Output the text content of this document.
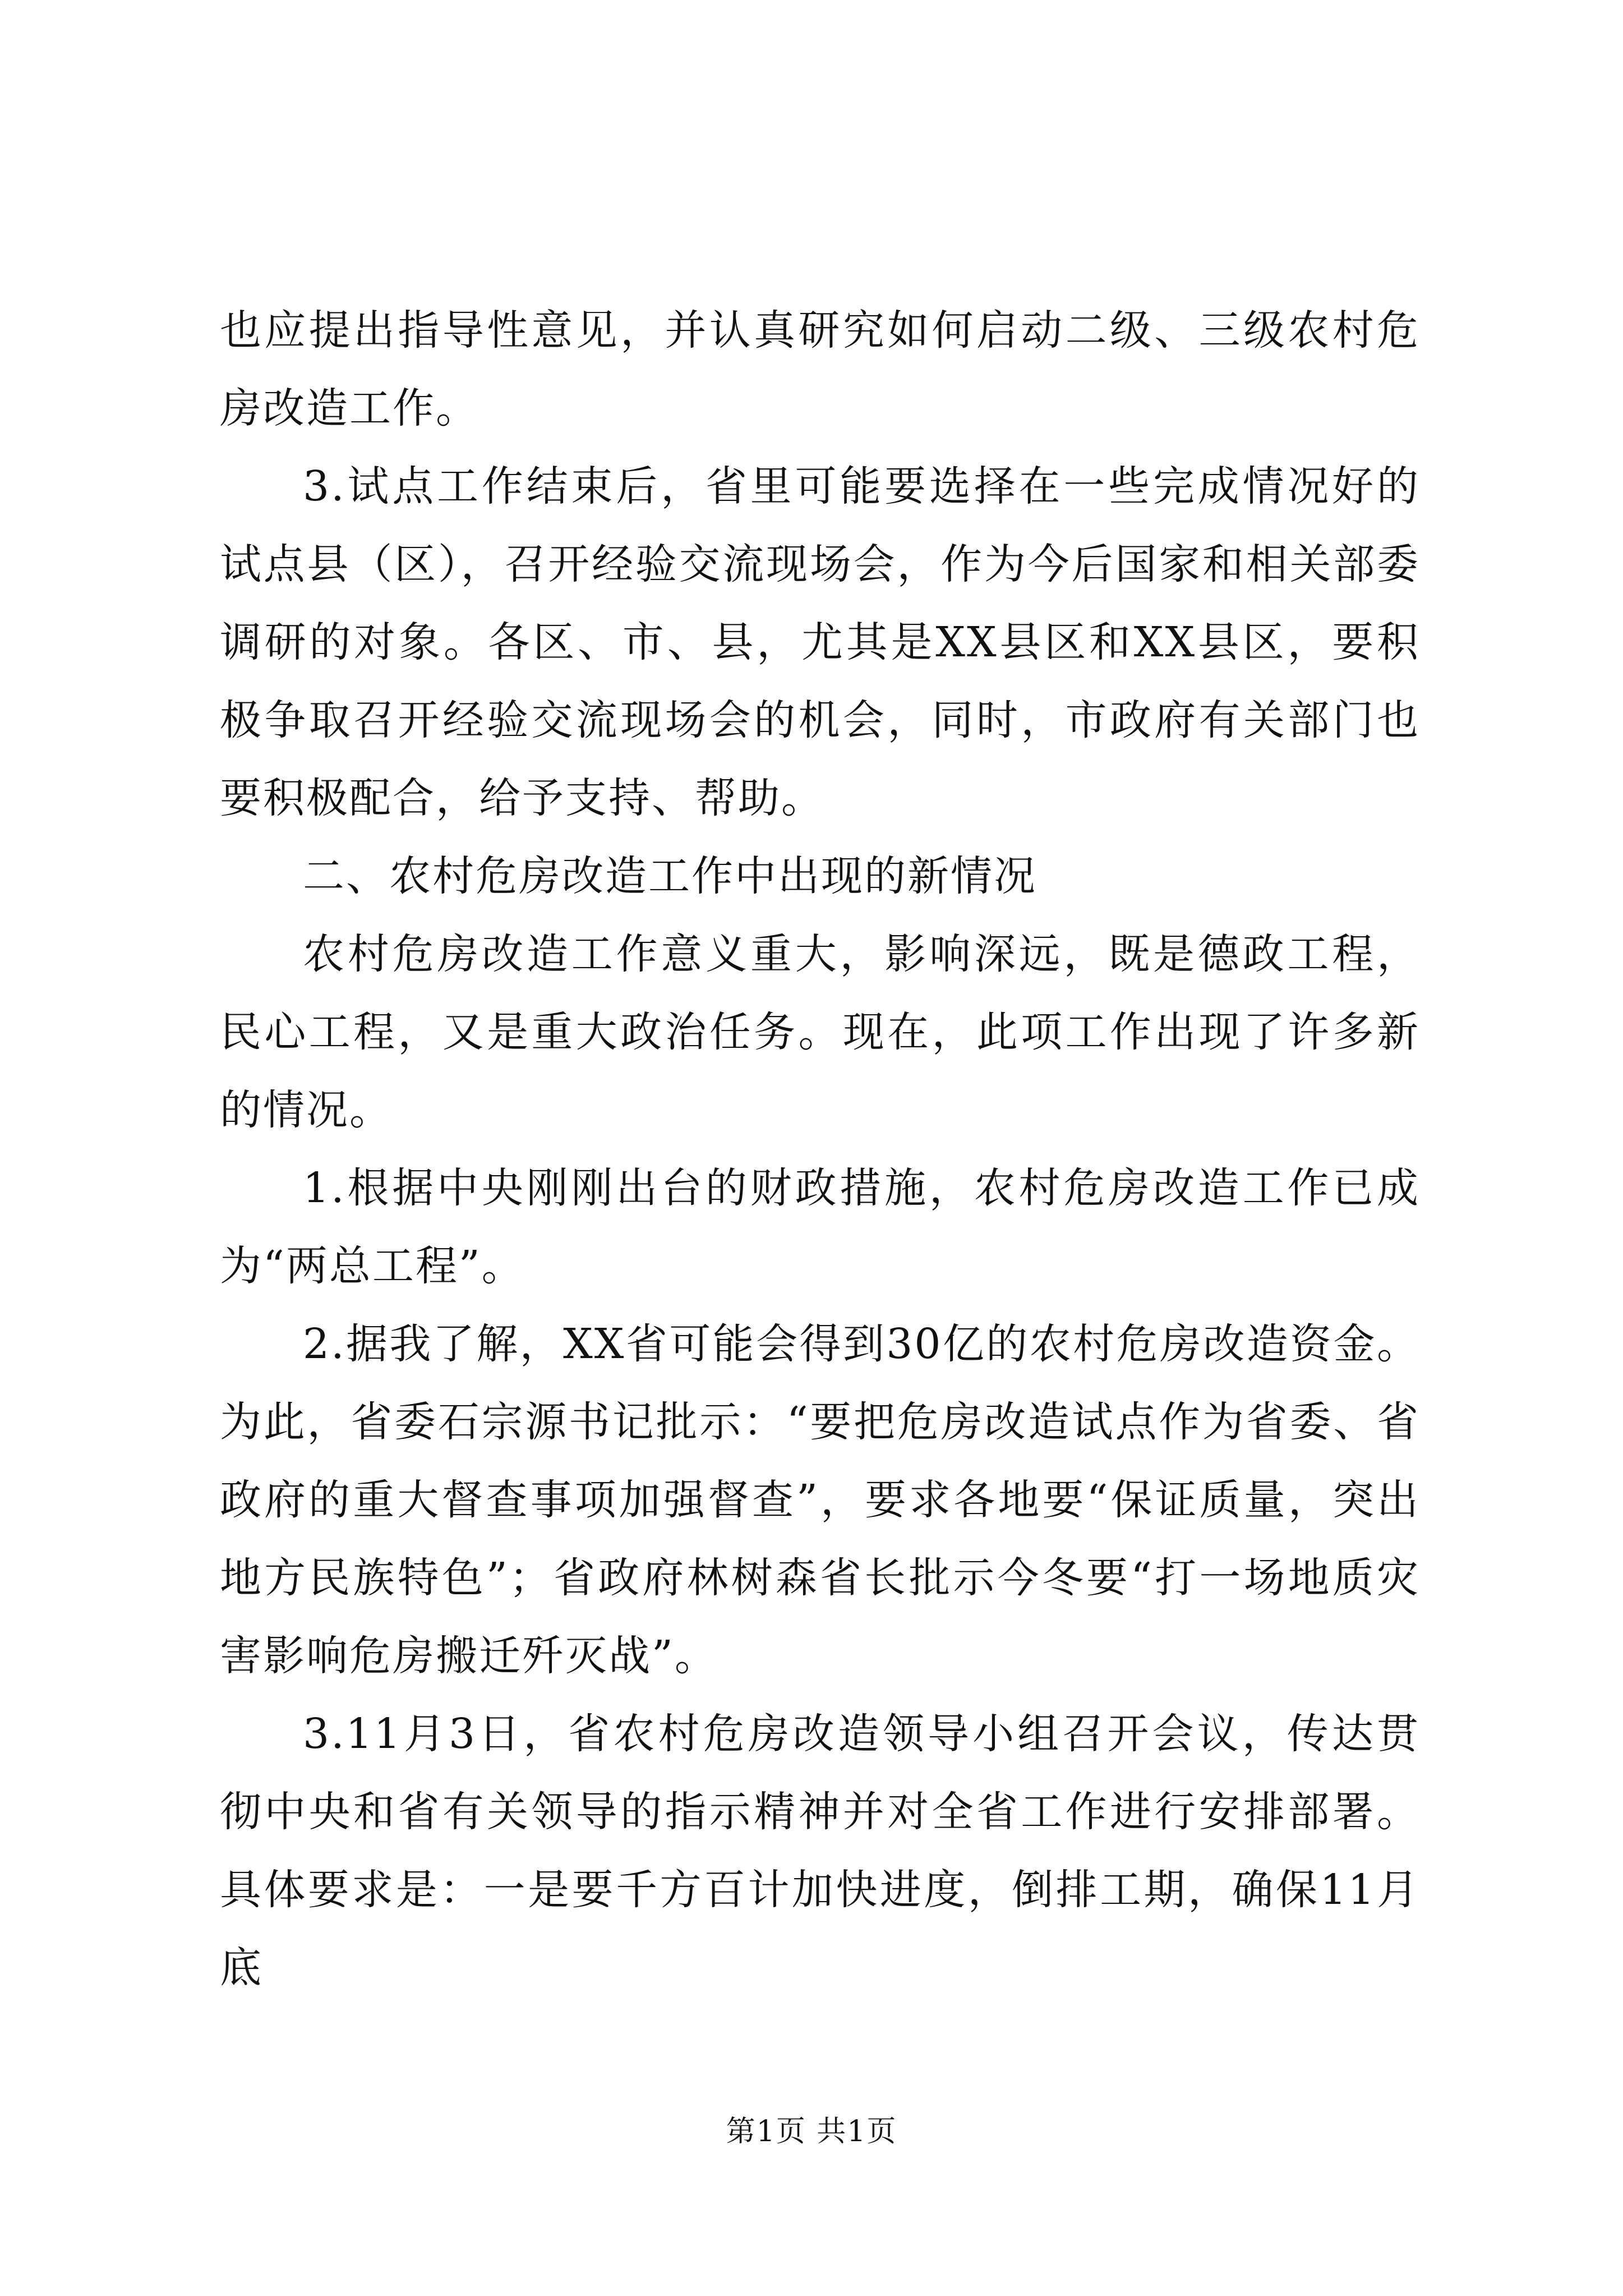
也应提出指导性意见，并认真研究如何启动二级、三级农村危房改造工作。

3.试点工作结束后，省里可能要选择在一些完成情况好的试点县（区），召开经验交流现场会，作为今后国家和相关部委调研的对象。各区、市、县，尤其是XX县区和XX县区，要积极争取召开经验交流现场会的机会，同时，市政府有关部门也要积极配合，给予支持、帮助。

二、农村危房改造工作中出现的新情况

农村危房改造工作意义重大，影响深远，既是德政工程，民心工程，又是重大政治任务。现在，此项工作出现了许多新的情况。

1.根据中央刚刚出台的财政措施，农村危房改造工作已成为“两总工程”。

2.据我了解，XX省可能会得到30亿的农村危房改造资金。为此，省委石宗源书记批示：“要把危房改造试点作为省委、省政府的重大督查事项加强督查”，要求各地要“保证质量，突出地方民族特色”；省政府林树森省长批示今冬要“打一场地质灾害影响危房搬迁歼灭战”。

3.11月3日，省农村危房改造领导小组召开会议，传达贯彻中央和省有关领导的指示精神并对全省工作进行安排部署。具体要求是：一是要千方百计加快进度，倒排工期，确保11月底

第1页 共1页
